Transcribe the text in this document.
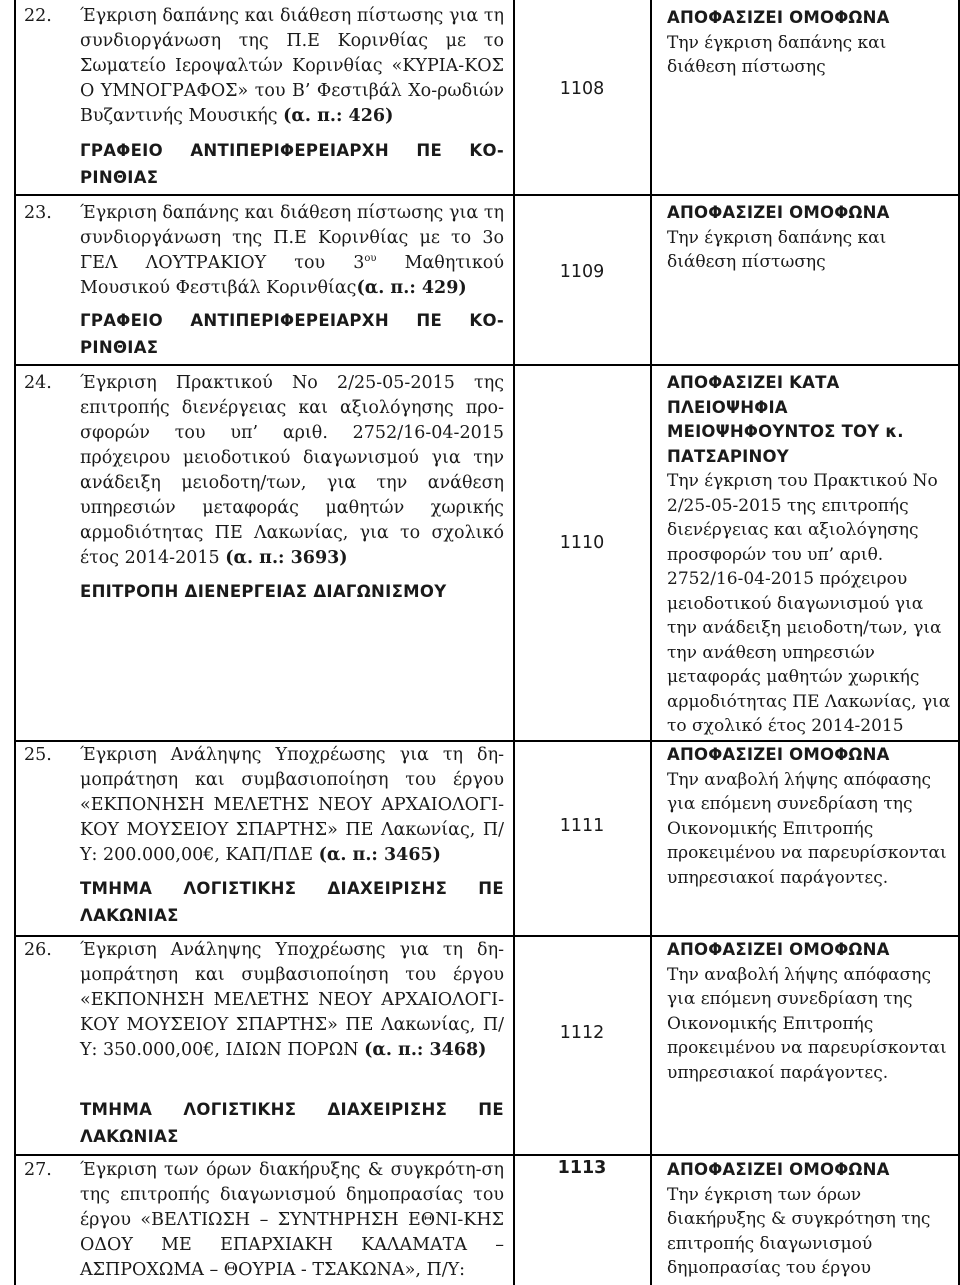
22. Έγκριση δαπάνης και διάθεση πίστωσης για τη συνδιοργάνωση της Π.Ε Κορινθίας με το Σωματείο Ιεροψαλτών Κορινθίας «ΚΥΡΙΑ-ΚΟΣ Ο ΥΜΝΟΓΡΑΦΟΣ» του Β’ Φεστιβάλ Χο-ρωδιών Βυζαντινής Μουσικής (α. π.: 426)
ΓΡΑΦΕΙΟ ΑΝΤΙΠΕΡΙΦΕΡΕΙΑΡΧΗ ΠΕ ΚΟ-ΡΙΝΘΙΑΣ
1108
ΑΠΟΦΑΣΙΖΕΙ ΟΜΟΦΩΝΑ
Την έγκριση δαπάνης και διάθεση πίστωσης
23. Έγκριση δαπάνης και διάθεση πίστωσης για τη συνδιοργάνωση της Π.Ε Κορινθίας με το 3ο ΓΕΛ ΛΟΥΤΡΑΚΙΟΥ του $3^{o\upsilon}$ Μαθητικού Μουσικού Φεστιβάλ Κορινθίας(α. π.: 429)
ΓΡΑΦΕΙΟ ΑΝΤΙΠΕΡΙΦΕΡΕΙΑΡΧΗ ΠΕ ΚΟ-ΡΙΝΘΙΑΣ
1109
ΑΠΟΦΑΣΙΖΕΙ ΟΜΟΦΩΝΑ
Την έγκριση δαπάνης και διάθεση πίστωσης
24. Έγκριση Πρακτικού Νο 2/25-05-2015 της επιτροπής διενέργειας και αξιολόγησης προ-σφορών του υπ’ αριθ. 2752/16-04-2015 πρόχειρου μειοδοτικού διαγωνισμού για την ανάδειξη μειοδοτη/των, για την ανάθεση υπηρεσιών μεταφοράς μαθητών χωρικής αρμοδιότητας ΠΕ Λακωνίας, για το σχολικό έτος 2014-2015 (α. π.: 3693)
ΕΠΙΤΡΟΠΗ ΔΙΕΝΕΡΓΕΙΑΣ ΔΙΑΓΩΝΙΣΜΟΥ
1110
ΑΠΟΦΑΣΙΖΕΙ ΚΑΤΑ ΠΛΕΙΟΨΗΦΙΑ ΜΕΙΟΨΗΦΟΥΝΤΟΣ ΤΟΥ κ. ΠΑΤΣΑΡΙΝΟΥ
Την έγκριση του Πρακτικού Νο 2/25-05-2015 της επιτροπής διενέργειας και αξιολόγησης προσφορών του υπ’ αριθ. 2752/16-04-2015 πρόχειρου μειοδοτικού διαγωνισμού για την ανάδειξη μειοδοτη/των, για την ανάθεση υπηρεσιών μεταφοράς μαθητών χωρικής αρμοδιότητας ΠΕ Λακωνίας, για το σχολικό έτος 2014-2015
25. Έγκριση Ανάληψης Υποχρέωσης για τη δη-μοπράτηση και συμβασιοποίηση του έργου «ΕΚΠΟΝΗΣΗ ΜΕΛΕΤΗΣ ΝΕΟΥ ΑΡΧΑΙΟΛΟΓΙ-ΚΟΥ ΜΟΥΣΕΙΟΥ ΣΠΑΡΤΗΣ» ΠΕ Λακωνίας, Π/Υ: 200.000,00€, ΚΑΠ/ΠΔΕ (α. π.: 3465)
ΤΜΗΜΑ ΛΟΓΙΣΤΙΚΗΣ ΔΙΑΧΕΙΡΙΣΗΣ ΠΕ ΛΑΚΩΝΙΑΣ
1111
ΑΠΟΦΑΣΙΖΕΙ ΟΜΟΦΩΝΑ
Την αναβολή λήψης απόφασης για επόμενη συνεδρίαση της Οικονομικής Επιτροπής προκειμένου να παρευρίσκονται υπηρεσιακοί παράγοντες.
26. Έγκριση Ανάληψης Υποχρέωσης για τη δη-μοπράτηση και συμβασιοποίηση του έργου «ΕΚΠΟΝΗΣΗ ΜΕΛΕΤΗΣ ΝΕΟΥ ΑΡΧΑΙΟΛΟΓΙ-ΚΟΥ ΜΟΥΣΕΙΟΥ ΣΠΑΡΤΗΣ» ΠΕ Λακωνίας, Π/Υ: 350.000,00€, ΙΔΙΩΝ ΠΟΡΩΝ (α. π.: 3468)
ΤΜΗΜΑ ΛΟΓΙΣΤΙΚΗΣ ΔΙΑΧΕΙΡΙΣΗΣ ΠΕ ΛΑΚΩΝΙΑΣ
1112
ΑΠΟΦΑΣΙΖΕΙ ΟΜΟΦΩΝΑ
Την αναβολή λήψης απόφασης για επόμενη συνεδρίαση της Οικονομικής Επιτροπής προκειμένου να παρευρίσκονται υπηρεσιακοί παράγοντες.
27. Έγκριση των όρων διακήρυξης & συγκρότη-ση της επιτροπής διαγωνισμού δημοπρασίας του έργου «ΒΕΛΤΙΩΣΗ – ΣΥΝΤΗΡΗΣΗ ΕΘΝΙ-ΚΗΣ ΟΔΟΥ ΜΕ ΕΠΑΡΧΙΑΚΗ ΚΑΛΑΜΑΤΑ – ΑΣΠΡΟΧΩΜΑ – ΘΟΥΡΙΑ - ΤΣΑΚΩΝΑ», Π/Υ:
1113	ΑΠΟΦΑΣΙΖΕΙ ΟΜΟΦΩΝΑ
Την έγκριση των όρων διακήρυξης & συγκρότηση της επιτροπής διαγωνισμού δημοπρασίας του έργου
